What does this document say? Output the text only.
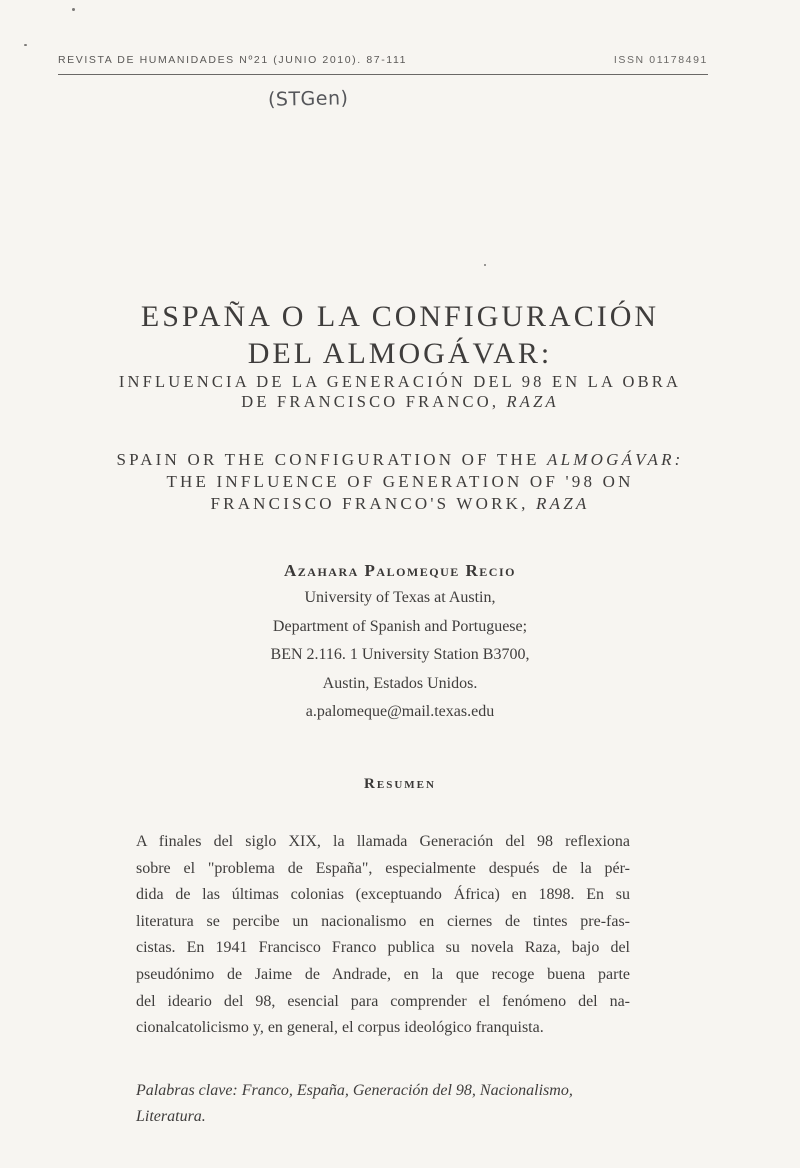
REVISTA DE HUMANIDADES Nº21 (JUNIO 2010). 87-111	ISSN 01178491
(STGen)
ESPAÑA O LA CONFIGURACIÓN
DEL ALMOGÁVAR:
INFLUENCIA DE LA GENERACIÓN DEL 98 EN LA OBRA
DE FRANCISCO FRANCO, RAZA
SPAIN OR THE CONFIGURATION OF THE ALMOGÁVAR:
THE INFLUENCE OF GENERATION OF '98 ON
FRANCISCO FRANCO'S WORK, RAZA
Azahara Palomeque Recio
University of Texas at Austin,
Department of Spanish and Portuguese;
BEN 2.116. 1 University Station B3700,
Austin, Estados Unidos.
a.palomeque@mail.texas.edu
Resumen
A finales del siglo XIX, la llamada Generación del 98 reflexiona
sobre el "problema de España", especialmente después de la pér-
dida de las últimas colonias (exceptuando África) en 1898. En su
literatura se percibe un nacionalismo en ciernes de tintes pre-fas-
cistas. En 1941 Francisco Franco publica su novela Raza, bajo del
pseudónimo de Jaime de Andrade, en la que recoge buena parte
del ideario del 98, esencial para comprender el fenómeno del na-
cionalcatolicismo y, en general, el corpus ideológico franquista.
Palabras clave: Franco, España, Generación del 98, Nacionalismo,
Literatura.
